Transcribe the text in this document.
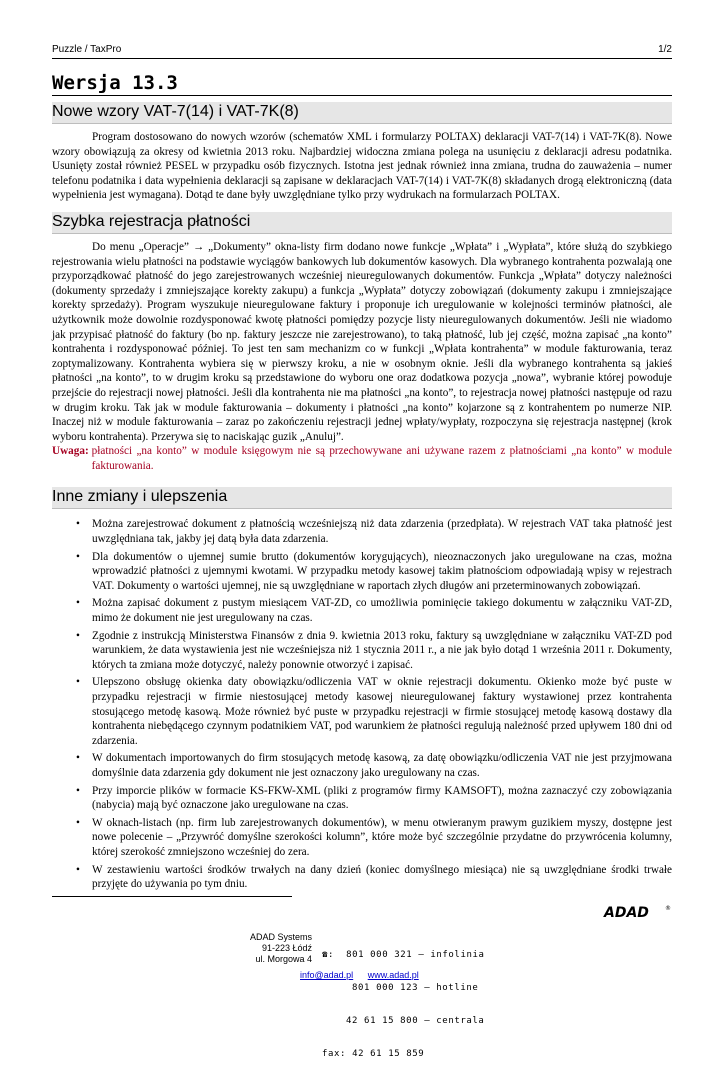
Puzzle / TaxPro	1/2
Wersja 13.3
Nowe wzory VAT-7(14) i VAT-7K(8)

Program dostosowano do nowych wzorów (schematów XML i formularzy POLTAX) deklaracji VAT-7(14) i VAT-7K(8). Nowe wzory obowiązują za okresy od kwietnia 2013 roku. Najbardziej widoczna zmiana polega na usunięciu z deklaracji adresu podatnika. Usunięty został również PESEL w przypadku osób fizycznych. Istotna jest jednak również inna zmiana, trudna do zauważenia – numer telefonu podatnika i data wypełnienia deklaracji są zapisane w deklaracjach VAT-7(14) i VAT-7K(8) składanych drogą elektroniczną (data wypełnienia jest wymagana). Dotąd te dane były uwzględniane tylko przy wydrukach na formularzach POLTAX.

Szybka rejestracja płatności

Do menu „Operacje” → „Dokumenty” okna-listy firm dodano nowe funkcje „Wpłata” i „Wypłata”, które służą do szybkiego rejestrowania wielu płatności na podstawie wyciągów bankowych lub dokumentów kasowych. Dla wybranego kontrahenta pozwalają one przyporządkować płatność do jego zarejestrowanych wcześniej nieuregulowanych dokumentów. Funkcja „Wpłata” dotyczy należności (dokumenty sprzedaży i zmniejszające korekty zakupu) a funkcja „Wypłata” dotyczy zobowiązań (dokumenty zakupu i zmniejszające korekty sprzedaży). Program wyszukuje nieuregulowane faktury i proponuje ich uregulowanie w kolejności terminów płatności, ale użytkownik może dowolnie rozdysponować kwotę płatności pomiędzy pozycje listy nieuregulowanych dokumentów. Jeśli nie wiadomo jak przypisać płatność do faktury (bo np. faktury jeszcze nie zarejestrowano), to taką płatność, lub jej część, można zapisać „na konto” kontrahenta i rozdysponować później. To jest ten sam mechanizm co w funkcji „Wpłata kontrahenta” w module fakturowania, teraz zoptymalizowany. Kontrahenta wybiera się w pierwszy kroku, a nie w osobnym oknie. Jeśli dla wybranego kontrahenta są jakieś płatności „na konto”, to w drugim kroku są przedstawione do wyboru one oraz dodatkowa pozycja „nowa”, wybranie której powoduje przejście do rejestracji nowej płatności. Jeśli dla kontrahenta nie ma płatności „na konto”, to rejestracja nowej płatności następuje od razu w drugim kroku. Tak jak w module fakturowania – dokumenty i płatności „na konto” kojarzone są z kontrahentem po numerze NIP. Inaczej niż w module fakturowania – zaraz po zakończeniu rejestracji jednej wpłaty/wypłaty, rozpoczyna się rejestracja następnej (krok wyboru kontrahenta). Przerywa się to naciskając guzik „Anuluj”.

Uwaga: płatności „na konto” w module księgowym nie są przechowywane ani używane razem z płatnościami „na konto” w module fakturowania.
Inne zmiany i ulepszenia
•	Można zarejestrować dokument z płatnością wcześniejszą niż data zdarzenia (przedpłata). W rejestrach VAT taka płatność jest uwzględniana tak, jakby jej datą była data zdarzenia.
•	Dla dokumentów o ujemnej sumie brutto (dokumentów korygujących), nieoznaczonych jako uregulowane na czas, można wprowadzić płatności z ujemnymi kwotami. W przypadku metody kasowej takim płatnościom odpowiadają wpisy w rejestrach VAT. Dokumenty o wartości ujemnej, nie są uwzględniane w raportach złych długów ani przeterminowanych zobowiązań.
•	Można zapisać dokument z pustym miesiącem VAT-ZD, co umożliwia pominięcie takiego dokumentu w załączniku VAT-ZD, mimo że dokument nie jest uregulowany na czas.
•	Zgodnie z instrukcją Ministerstwa Finansów z dnia 9. kwietnia 2013 roku, faktury są uwzględniane w załączniku VAT-ZD pod warunkiem, że data wystawienia jest nie wcześniejsza niż 1 stycznia 2011 r., a nie jak było dotąd 1 września 2011 r. Dokumenty, których ta zmiana może dotyczyć, należy ponownie otworzyć i zapisać.
•	Ulepszono obsługę okienka daty obowiązku/odliczenia VAT w oknie rejestracji dokumentu. Okienko może być puste w przypadku rejestracji w firmie niestosującej metody kasowej nieuregulowanej faktury wystawionej przez kontrahenta stosującego metodę kasową. Może również być puste w przypadku rejestracji w firmie stosującej metodę kasową dostawy dla kontrahenta niebędącego czynnym podatnikiem VAT, pod warunkiem że płatności regulują należność przed upływem 180 dni od zdarzenia.
•	W dokumentach importowanych do firm stosujących metodę kasową, za datę obowiązku/odliczenia VAT nie jest przyjmowana domyślnie data zdarzenia gdy dokument nie jest oznaczony jako uregulowany na czas.
•	Przy imporcie plików w formacie KS-FKW-XML (pliki z programów firmy KAMSOFT), można zaznaczyć czy zobowiązania (nabycia) mają być oznaczone jako uregulowane na czas.
•	W oknach-listach (np. firm lub zarejestrowanych dokumentów), w menu otwieranym prawym guzikiem myszy, dostępne jest nowe polecenie – „Przywróć domyślne szerokości kolumn”, które może być szczególnie przydatne do przywrócenia kolumny, której szerokość zmniejszono wcześniej do zera.
•	W zestawieniu wartości środków trwałych na dany dzień (koniec domyślnego miesiąca) nie są uwzględniane środki trwałe przyjęte do używania po tym dniu.
ADAD	®
ADAD Systems
91-223 Łódź
ul. Morgowa 4

☎: 801 000 321 – infolinia

801 000 123 – hotline

42 61 15 800 – centrala

fax: 42 61 15 859

info@adad.pl www.adad.pl
